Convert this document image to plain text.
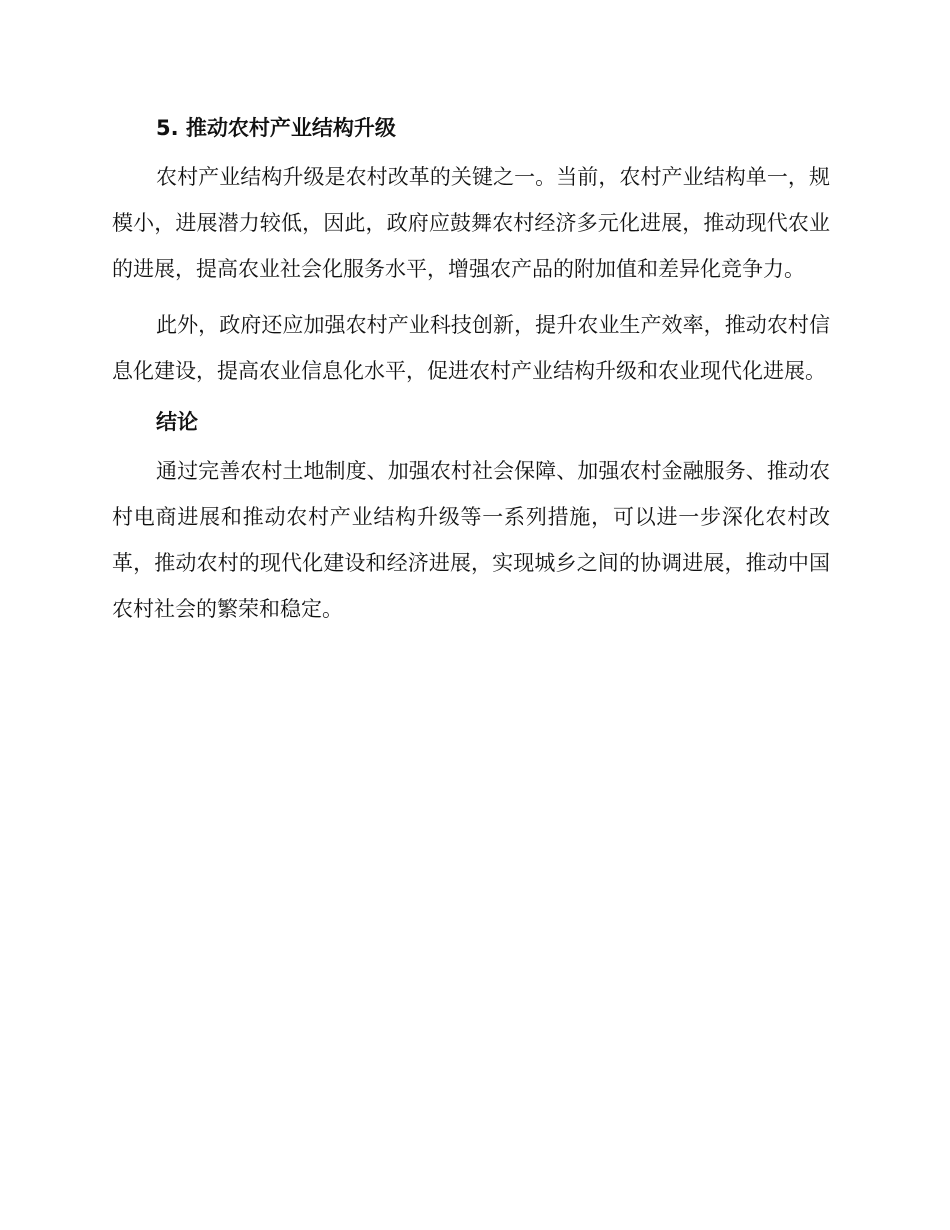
5. 推动农村产业结构升级

农村产业结构升级是农村改革的关键之一。当前，农村产业结构单一，规模小，进展潜力较低，因此，政府应鼓舞农村经济多元化进展，推动现代农业的进展，提高农业社会化服务水平，增强农产品的附加值和差异化竞争力。

此外，政府还应加强农村产业科技创新，提升农业生产效率，推动农村信息化建设，提高农业信息化水平，促进农村产业结构升级和农业现代化进展。

结论

通过完善农村土地制度、加强农村社会保障、加强农村金融服务、推动农村电商进展和推动农村产业结构升级等一系列措施，可以进一步深化农村改革，推动农村的现代化建设和经济进展，实现城乡之间的协调进展，推动中国农村社会的繁荣和稳定。
